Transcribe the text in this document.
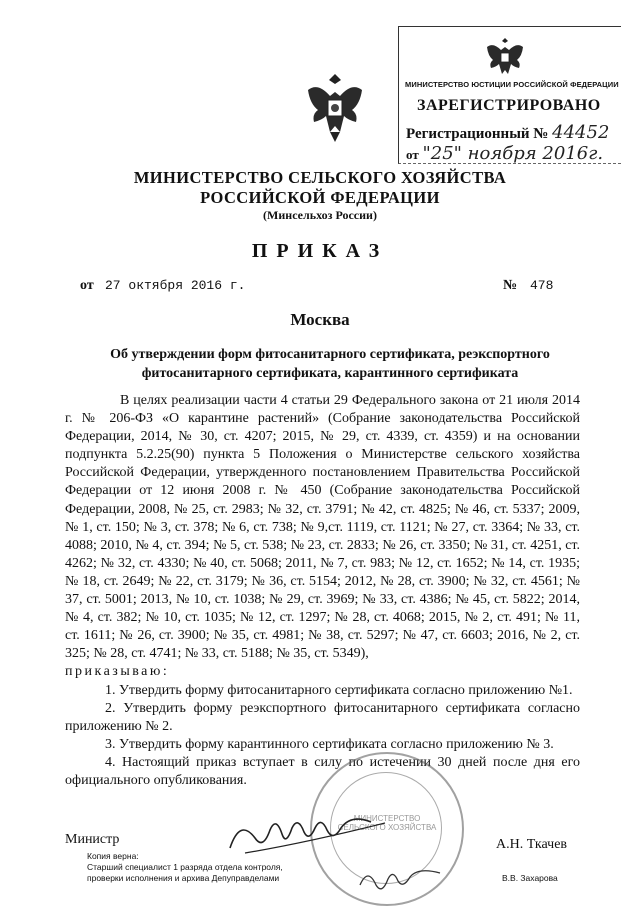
МИНИСТЕРСТВО ЮСТИЦИИ РОССИЙСКОЙ ФЕДЕРАЦИИ
ЗАРЕГИСТРИРОВАНО
Регистрационный № 44452
от "25" ноября 2016г.
МИНИСТЕРСТВО СЕЛЬСКОГО ХОЗЯЙСТВА
РОССИЙСКОЙ ФЕДЕРАЦИИ
(Минсельхоз России)
ПРИКАЗ
от 27 октября 2016 г.	№ 478
Москва
Об утверждении форм фитосанитарного сертификата, реэкспортного фитосанитарного сертификата, карантинного сертификата

В целях реализации части 4 статьи 29 Федерального закона от 21 июля 2014 г. № 206-ФЗ «О карантине растений» (Собрание законодательства Российской Федерации, 2014, № 30, ст. 4207; 2015, № 29, ст. 4339, ст. 4359) и на основании подпункта 5.2.25(90) пункта 5 Положения о Министерстве сельского хозяйства Российской Федерации, утвержденного постановлением Правительства Российской Федерации от 12 июня 2008 г. № 450 (Собрание законодательства Российской Федерации, 2008, № 25, ст. 2983; № 32, ст. 3791; № 42, ст. 4825; № 46, ст. 5337; 2009, № 1, ст. 150; № 3, ст. 378; № 6, ст. 738; № 9,ст. 1119, ст. 1121; № 27, ст. 3364; № 33, ст. 4088; 2010, № 4, ст. 394; № 5, ст. 538; № 23, ст. 2833; № 26, ст. 3350; № 31, ст. 4251, ст. 4262; № 32, ст. 4330; № 40, ст. 5068; 2011, № 7, ст. 983; № 12, ст. 1652; № 14, ст. 1935; № 18, ст. 2649; № 22, ст. 3179; № 36, ст. 5154; 2012, № 28, ст. 3900; № 32, ст. 4561; № 37, ст. 5001; 2013, № 10, ст. 1038; № 29, ст. 3969; № 33, ст. 4386; № 45, ст. 5822; 2014, № 4, ст. 382; № 10, ст. 1035; № 12, ст. 1297; № 28, ст. 4068; 2015, № 2, ст. 491; № 11, ст. 1611; № 26, ст. 3900; № 35, ст. 4981; № 38, ст. 5297; № 47, ст. 6603; 2016, № 2, ст. 325; № 28, ст. 4741; № 33, ст. 5188; № 35, ст. 5349),

приказываю:

1. Утвердить форму фитосанитарного сертификата согласно приложению №1.

2. Утвердить форму реэкспортного фитосанитарного сертификата согласно приложению № 2.

3. Утвердить форму карантинного сертификата согласно приложению № 3.

4. Настоящий приказ вступает в силу по истечении 30 дней после дня его официального опубликования.

МИНИСТЕРСТВО СЕЛЬСКОГО ХОЗЯЙСТВА
Министр	А.Н. Ткачев
Копия верна:
Старший специалист 1 разряда отдела контроля,
проверки исполнения и архива Депуправделами	В.В. Захарова
